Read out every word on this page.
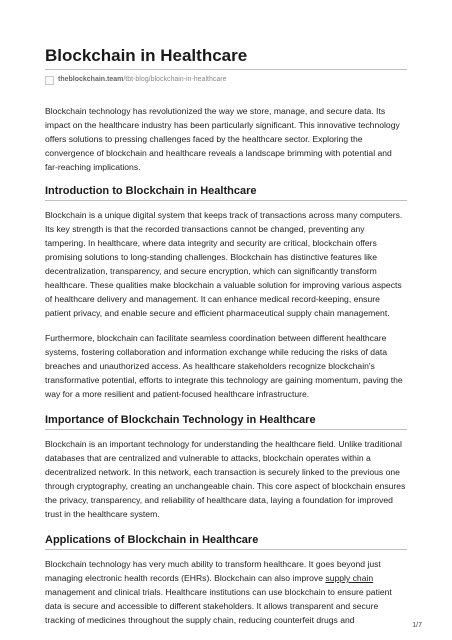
Blockchain in Healthcare
theblockchain.team/tbt-blog/blockchain-in-healthcare

Blockchain technology has revolutionized the way we store, manage, and secure data. Its impact on the healthcare industry has been particularly significant. This innovative technology offers solutions to pressing challenges faced by the healthcare sector. Exploring the convergence of blockchain and healthcare reveals a landscape brimming with potential and far-reaching implications.

Introduction to Blockchain in Healthcare

Blockchain is a unique digital system that keeps track of transactions across many computers. Its key strength is that the recorded transactions cannot be changed, preventing any tampering. In healthcare, where data integrity and security are critical, blockchain offers promising solutions to long-standing challenges. Blockchain has distinctive features like decentralization, transparency, and secure encryption, which can significantly transform healthcare. These qualities make blockchain a valuable solution for improving various aspects of healthcare delivery and management. It can enhance medical record-keeping, ensure patient privacy, and enable secure and efficient pharmaceutical supply chain management.

Furthermore, blockchain can facilitate seamless coordination between different healthcare systems, fostering collaboration and information exchange while reducing the risks of data breaches and unauthorized access. As healthcare stakeholders recognize blockchain's transformative potential, efforts to integrate this technology are gaining momentum, paving the way for a more resilient and patient-focused healthcare infrastructure.

Importance of Blockchain Technology in Healthcare

Blockchain is an important technology for understanding the healthcare field. Unlike traditional databases that are centralized and vulnerable to attacks, blockchain operates within a decentralized network. In this network, each transaction is securely linked to the previous one through cryptography, creating an unchangeable chain. This core aspect of blockchain ensures the privacy, transparency, and reliability of healthcare data, laying a foundation for improved trust in the healthcare system.

Applications of Blockchain in Healthcare

Blockchain technology has very much ability to transform healthcare. It goes beyond just managing electronic health records (EHRs). Blockchain can also improve supply chain management and clinical trials. Healthcare institutions can use blockchain to ensure patient data is secure and accessible to different stakeholders. It allows transparent and secure tracking of medicines throughout the supply chain, reducing counterfeit drugs and

1/7
